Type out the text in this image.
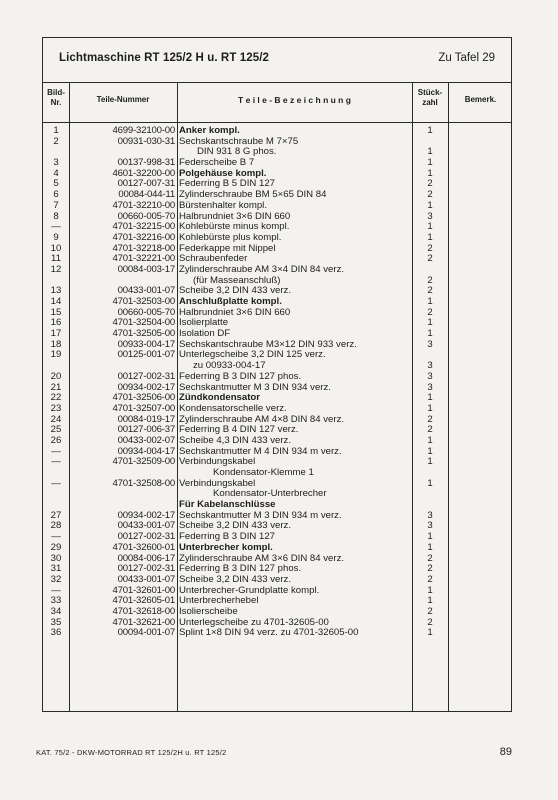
Lichtmaschine RT 125/2 H u. RT 125/2	Zu Tafel 29
Bild-
Nr.	Teile-Nummer	T e i l e - B e z e i c h n u n g
Stück-
zahl	Bemerk.
1	4699-32100-00 Anker kompl.	1
2	00931-030-31 Sechskantschraube M 7×75
DIN 931 8 G phos.	1
3	00137-998-31 Federscheibe B 7	1
4	4601-32200-00 Polgehäuse kompl.	1
5	00127-007-31 Federring B 5 DIN 127	2
6	00084-044-11 Zylinderschraube BM 5×65 DIN 84	2
7	4701-32210-00 Bürstenhalter kompl.	1
8	00660-005-70 Halbrundniet 3×6 DIN 660	3
—	4701-32215-00 Kohlebürste minus kompl.	1
9	4701-32216-00 Kohlebürste plus kompl.	1
10	4701-32218-00 Federkappe mit Nippel	2
11	4701-32221-00 Schraubenfeder	2
12	00084-003-17 Zylinderschraube AM 3×4 DIN 84 verz.
(für Masseanschluß)	2
13	00433-001-07 Scheibe 3,2 DIN 433 verz.	2
14	4701-32503-00 Anschlußplatte kompl.	1
15	00660-005-70 Halbrundniet 3×6 DIN 660	2
16	4701-32504-00 Isolierplatte	1
17	4701-32505-00 Isolation DF	1
18	00933-004-17 Sechskantschraube M3×12 DIN 933 verz.	3
19	00125-001-07 Unterlegscheibe 3,2 DIN 125 verz.
zu 00933-004-17	3
20	00127-002-31 Federring B 3 DIN 127 phos.	3
21	00934-002-17 Sechskantmutter M 3 DIN 934 verz.	3
22	4701-32506-00 Zündkondensator	1
23	4701-32507-00 Kondensatorschelle verz.	1
24	00084-019-17 Zylinderschraube AM 4×8 DIN 84 verz.	2
25	00127-006-37 Federring B 4 DIN 127 verz.	2
26	00433-002-07 Scheibe 4,3 DIN 433 verz.	1
—	00934-004-17 Sechskantmutter M 4 DIN 934 m verz.	1
—	4701-32509-00 Verbindungskabel	1
Kondensator-Klemme 1
—	4701-32508-00 Verbindungskabel	1
Kondensator-Unterbrecher
Für Kabelanschlüsse
27	00934-002-17 Sechskantmutter M 3 DIN 934 m verz.	3
28	00433-001-07 Scheibe 3,2 DIN 433 verz.	3
—	00127-002-31 Federring B 3 DIN 127	1
29	4701-32600-01 Unterbrecher kompl.	1
30	00084-006-17 Zylinderschraube AM 3×6 DIN 84 verz.	2
31	00127-002-31 Federring B 3 DIN 127 phos.	2
32	00433-001-07 Scheibe 3,2 DIN 433 verz.	2
—	4701-32601-00 Unterbrecher-Grundplatte kompl.	1
33	4701-32605-01 Unterbrecherhebel	1
34	4701-32618-00 Isolierscheibe	2
35	4701-32621-00 Unterlegscheibe zu 4701-32605-00	2
36	00094-001-07 Splint 1×8 DIN 94 verz. zu 4701-32605-00	1
KAT. 75/2 - DKW-MOTORRAD RT 125/2H u. RT 125/2	89
